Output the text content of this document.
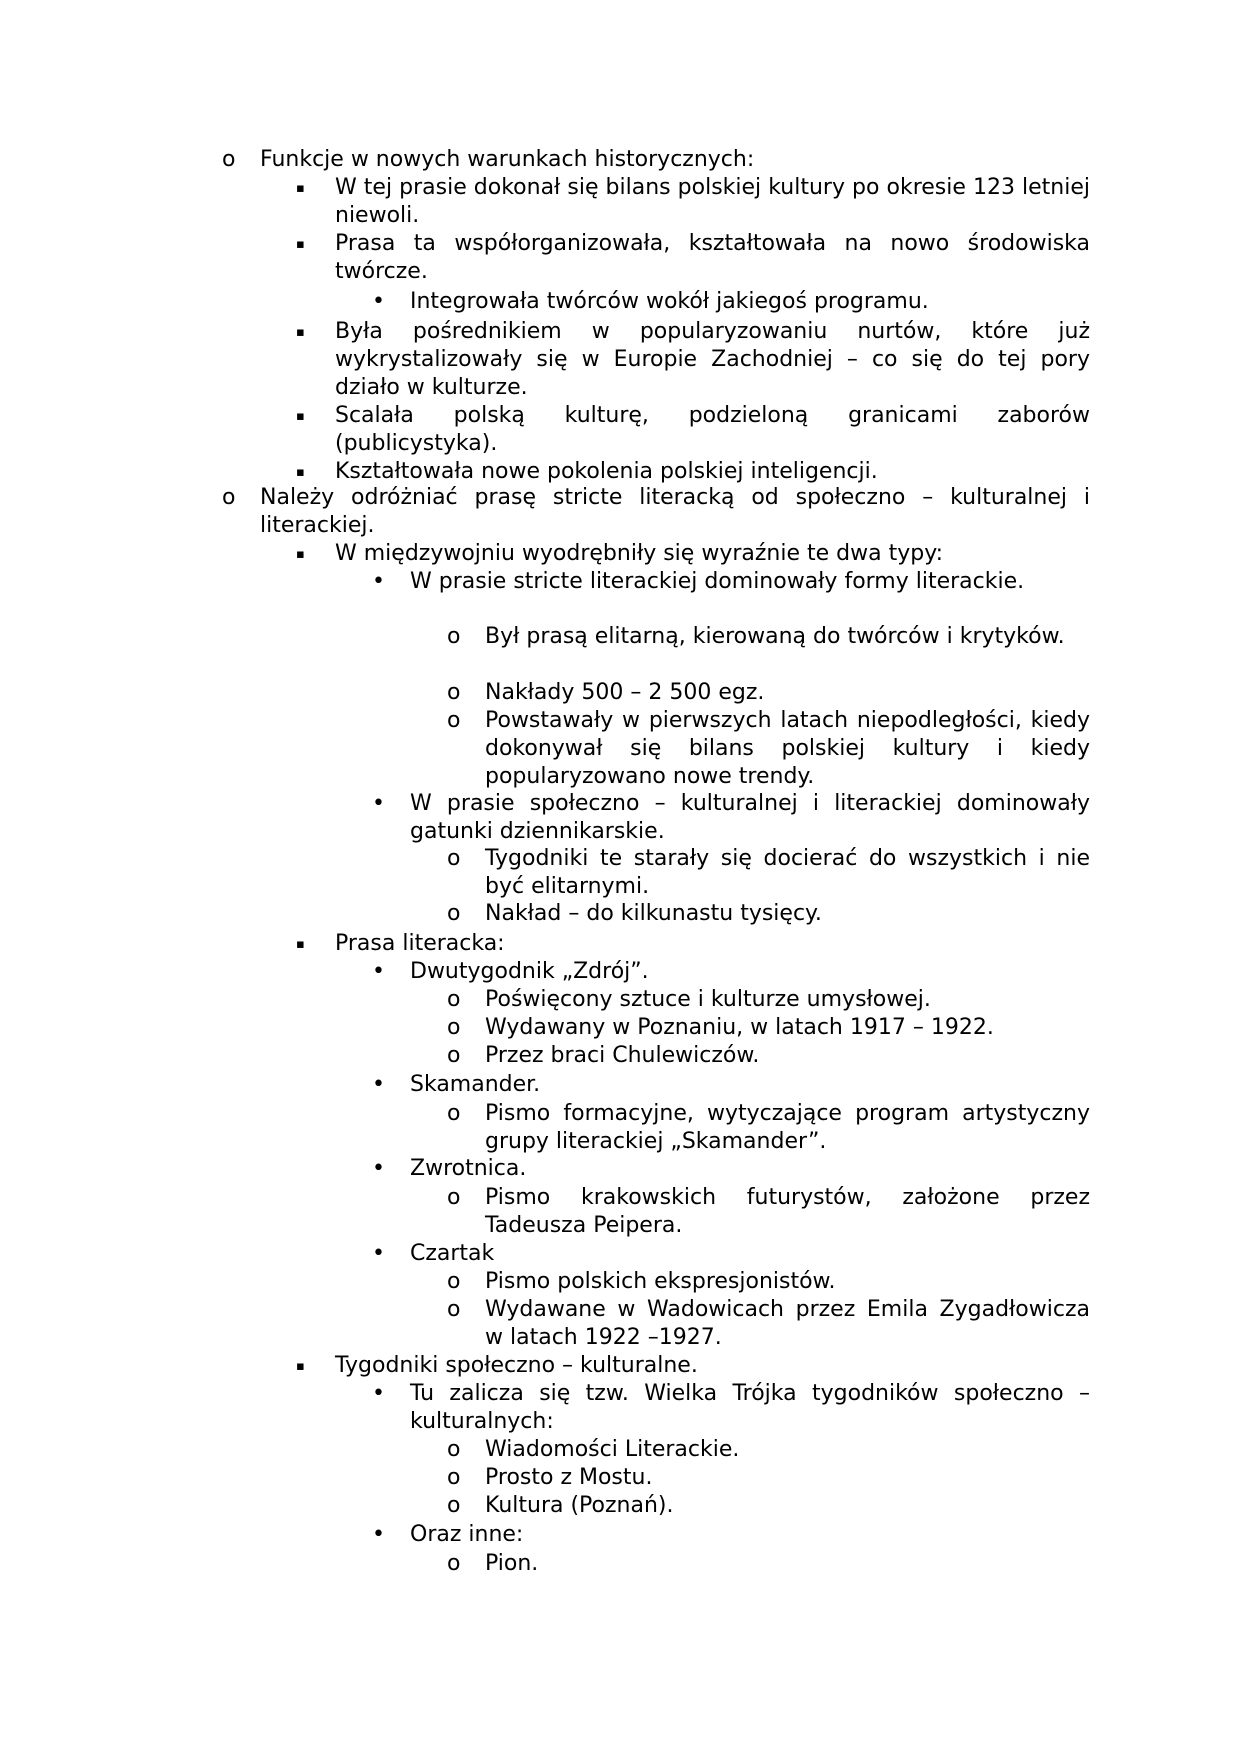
o Funkcje w nowych warunkach historycznych:
▪ W tej prasie dokonał się bilans polskiej kultury po okresie 123 letniej niewoli.
▪ Prasa ta współorganizowała, kształtowała na nowo środowiska twórcze.
• Integrowała twórców wokół jakiegoś programu.
▪ Była pośrednikiem w popularyzowaniu nurtów, które już wykrystalizowały się w Europie Zachodniej – co się do tej pory działo w kulturze.
▪ Scalała polską kulturę, podzieloną granicami zaborów (publicystyka).
▪ Kształtowała nowe pokolenia polskiej inteligencji.
o Należy odróżniać prasę stricte literacką od społeczno – kulturalnej i literackiej.
▪ W międzywojniu wyodrębniły się wyraźnie te dwa typy:
• W prasie stricte literackiej dominowały formy literackie.
o Był prasą elitarną, kierowaną do twórców i krytyków.
o Nakłady 500 – 2 500 egz.
o Powstawały w pierwszych latach niepodległości, kiedy dokonywał się bilans polskiej kultury i kiedy popularyzowano nowe trendy.
• W prasie społeczno – kulturalnej i literackiej dominowały gatunki dziennikarskie.
o Tygodniki te starały się docierać do wszystkich i nie być elitarnymi.
o Nakład – do kilkunastu tysięcy.
▪ Prasa literacka:
• Dwutygodnik „Zdrój”.
o Poświęcony sztuce i kulturze umysłowej.
o Wydawany w Poznaniu, w latach 1917 – 1922.
o Przez braci Chulewiczów.
• Skamander.
o Pismo formacyjne, wytyczające program artystyczny grupy literackiej „Skamander”.
• Zwrotnica.
o Pismo krakowskich futurystów, założone przez Tadeusza Peipera.
• Czartak
o Pismo polskich ekspresjonistów.
o Wydawane w Wadowicach przez Emila Zygadłowicza w latach 1922 –1927.
▪ Tygodniki społeczno – kulturalne.
• Tu zalicza się tzw. Wielka Trójka tygodników społeczno – kulturalnych:
o Wiadomości Literackie.
o Prosto z Mostu.
o Kultura (Poznań).
• Oraz inne:
o Pion.
